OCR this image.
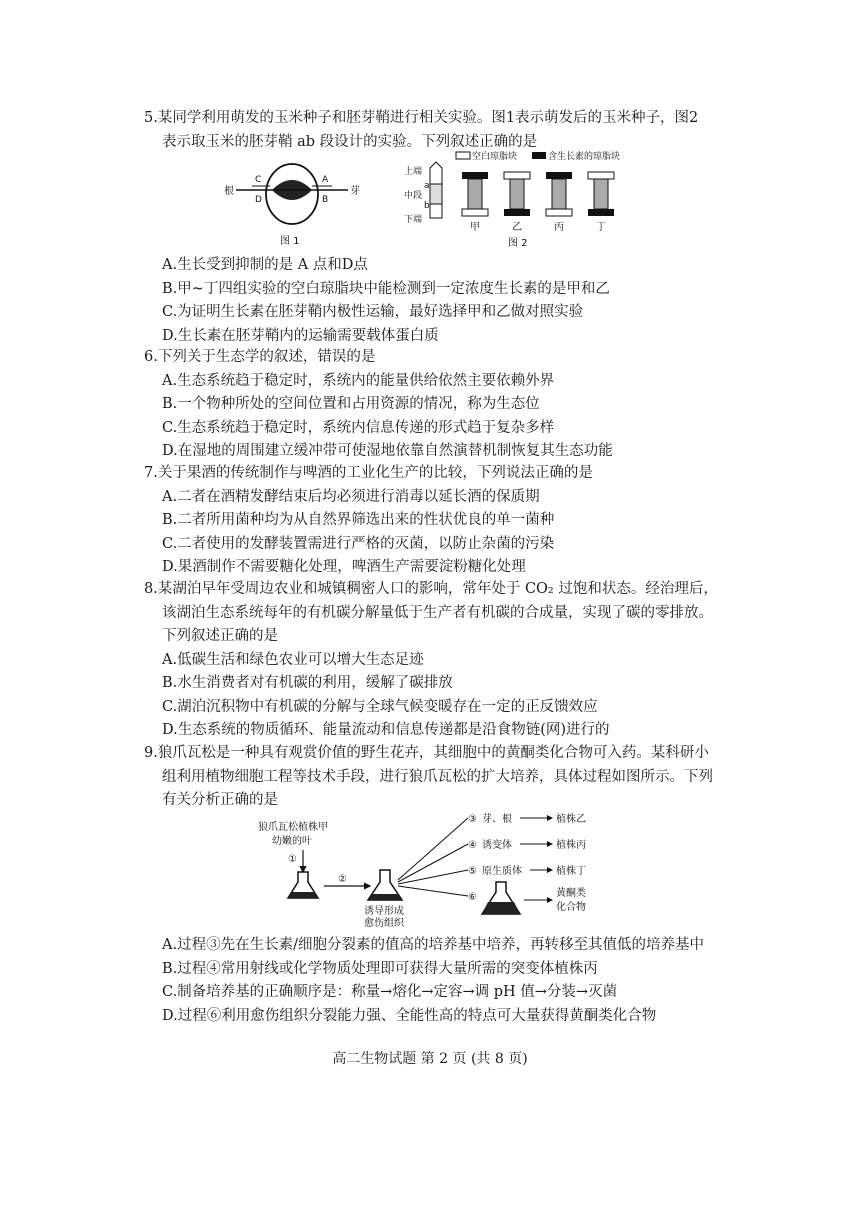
5.某同学利用萌发的玉米种子和胚芽鞘进行相关实验。图1表示萌发后的玉米种子，图2

表示取玉米的胚芽鞘 ab 段设计的实验。下列叙述正确的是

根	芽
C
D
A
B
图 1
空白琼脂块	含生长素的琼脂块
上端
中段
下端
a
b
甲	乙	丙	丁
图 2

A.生长受到抑制的是 A 点和D点

B.甲~丁四组实验的空白琼脂块中能检测到一定浓度生长素的是甲和乙

C.为证明生长素在胚芽鞘内极性运输，最好选择甲和乙做对照实验

D.生长素在胚芽鞘内的运输需要载体蛋白质

6.下列关于生态学的叙述，错误的是

A.生态系统趋于稳定时，系统内的能量供给依然主要依赖外界

B.一个物种所处的空间位置和占用资源的情况，称为生态位

C.生态系统趋于稳定时，系统内信息传递的形式趋于复杂多样

D.在湿地的周围建立缓冲带可使湿地依靠自然演替机制恢复其生态功能

7.关于果酒的传统制作与啤酒的工业化生产的比较，下列说法正确的是

A.二者在酒精发酵结束后均必须进行消毒以延长酒的保质期

B.二者所用菌种均为从自然界筛选出来的性状优良的单一菌种

C.二者使用的发酵装置需进行严格的灭菌，以防止杂菌的污染

D.果酒制作不需要糖化处理，啤酒生产需要淀粉糖化处理

8.某湖泊早年受周边农业和城镇稠密人口的影响，常年处于 CO₂ 过饱和状态。经治理后，

该湖泊生态系统每年的有机碳分解量低于生产者有机碳的合成量，实现了碳的零排放。

下列叙述正确的是

A.低碳生活和绿色农业可以增大生态足迹

B.水生消费者对有机碳的利用，缓解了碳排放

C.湖泊沉积物中有机碳的分解与全球气候变暖存在一定的正反馈效应

D.生态系统的物质循环、能量流动和信息传递都是沿食物链(网)进行的

9.狼爪瓦松是一种具有观赏价值的野生花卉，其细胞中的黄酮类化合物可入药。某科研小

组利用植物细胞工程等技术手段，进行狼爪瓦松的扩大培养，具体过程如图所示。下列

有关分析正确的是

狼爪瓦松植株甲
幼嫩的叶
①
②
诱导形成
愈伤组织
③ 芽、根	植株乙
④ 诱变体	植株丙
⑤ 原生质体	植株丁
⑥	黄酮类
化合物

A.过程③先在生长素/细胞分裂素的值高的培养基中培养，再转移至其值低的培养基中

B.过程④常用射线或化学物质处理即可获得大量所需的突变体植株丙

C.制备培养基的正确顺序是：称量→熔化→定容→调 pH 值→分装→灭菌

D.过程⑥利用愈伤组织分裂能力强、全能性高的特点可大量获得黄酮类化合物

高二生物试题 第 2 页 (共 8 页)
